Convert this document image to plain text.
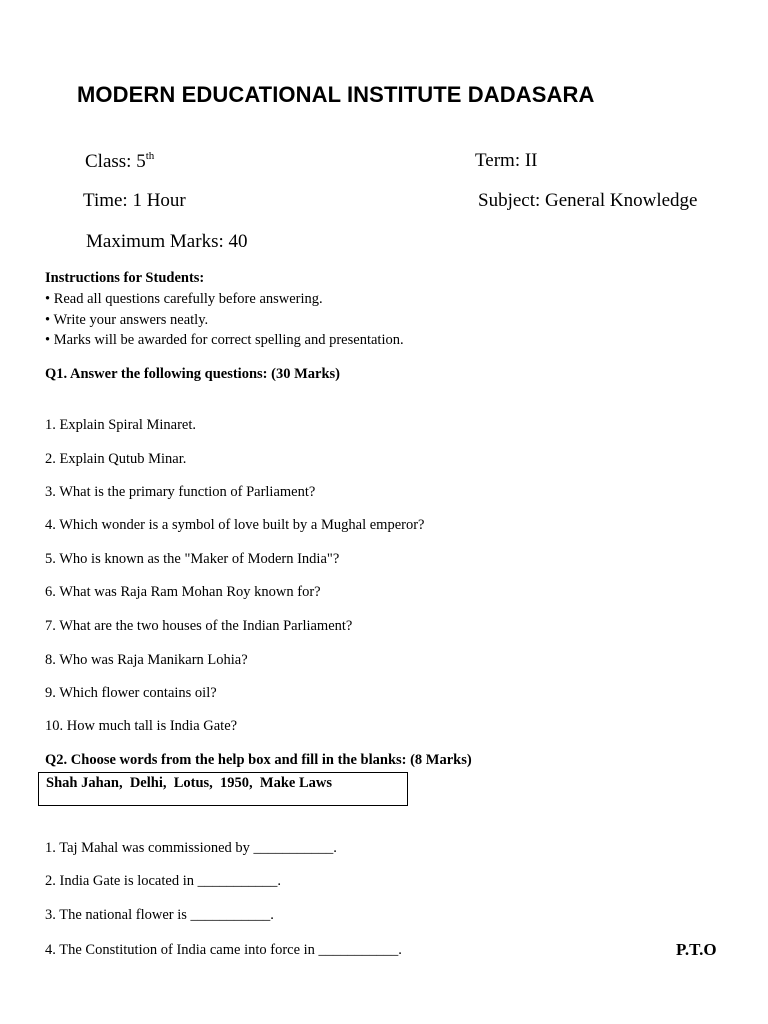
MODERN EDUCATIONAL INSTITUTE DADASARA
Class: 5th	Term: II
Time: 1 Hour	Subject: General Knowledge
Maximum Marks: 40
Instructions for Students:
• Read all questions carefully before answering.
• Write your answers neatly.
• Marks will be awarded for correct spelling and presentation.
Q1. Answer the following questions: (30 Marks)
1. Explain Spiral Minaret.
2. Explain Qutub Minar.
3. What is the primary function of Parliament?
4. Which wonder is a symbol of love built by a Mughal emperor?
5. Who is known as the "Maker of Modern India"?
6. What was Raja Ram Mohan Roy known for?
7. What are the two houses of the Indian Parliament?
8. Who was Raja Manikarn Lohia?
9. Which flower contains oil?
10. How much tall is India Gate?
Q2. Choose words from the help box and fill in the blanks: (8 Marks)
Shah Jahan,  Delhi,  Lotus,  1950,  Make Laws
1. Taj Mahal was commissioned by ___________.
2. India Gate is located in ___________.
3. The national flower is ___________.
4. The Constitution of India came into force in ___________.	P.T.O
